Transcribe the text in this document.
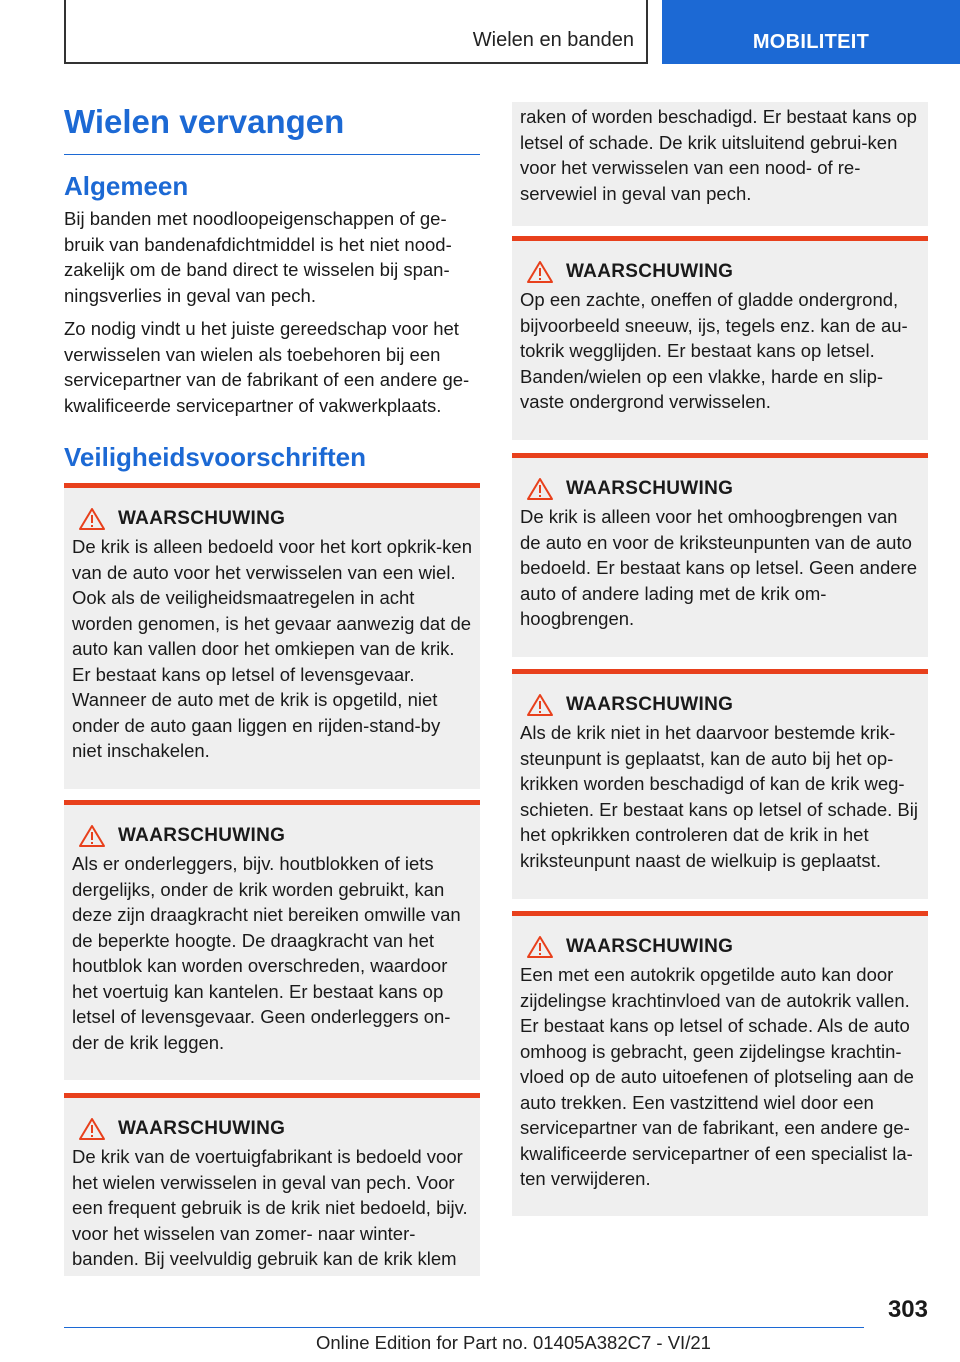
Wielen en banden	MOBILITEIT
Wielen vervangen
Algemeen

Bij banden met noodloopeigenschappen of ge-bruik van bandenafdichtmiddel is het niet nood-zakelijk om de band direct te wisselen bij span-ningsverlies in geval van pech.

Zo nodig vindt u het juiste gereedschap voor het verwisselen van wielen als toebehoren bij een servicepartner van de fabrikant of een andere ge-kwalificeerde servicepartner of vakwerkplaats.

Veiligheidsvoorschriften
WAARSCHUWING

De krik is alleen bedoeld voor het kort opkrik-ken van de auto voor het verwisselen van een wiel. Ook als de veiligheidsmaatregelen in acht worden genomen, is het gevaar aanwezig dat de auto kan vallen door het omkiepen van de krik. Er bestaat kans op letsel of levensgevaar. Wanneer de auto met de krik is opgetild, niet onder de auto gaan liggen en rijden-stand-by niet inschakelen.

WAARSCHUWING

Als er onderleggers, bijv. houtblokken of iets dergelijks, onder de krik worden gebruikt, kan deze zijn draagkracht niet bereiken omwille van de beperkte hoogte. De draagkracht van het houtblok kan worden overschreden, waardoor het voertuig kan kantelen. Er bestaat kans op letsel of levensgevaar. Geen onderleggers on-der de krik leggen.

WAARSCHUWING

De krik van de voertuigfabrikant is bedoeld voor het wielen verwisselen in geval van pech. Voor een frequent gebruik is de krik niet bedoeld, bijv. voor het wisselen van zomer- naar winter-banden. Bij veelvuldig gebruik kan de krik klem

raken of worden beschadigd. Er bestaat kans op letsel of schade. De krik uitsluitend gebrui-ken voor het verwisselen van een nood- of re-servewiel in geval van pech.

WAARSCHUWING

Op een zachte, oneffen of gladde ondergrond, bijvoorbeeld sneeuw, ijs, tegels enz. kan de au-tokrik wegglijden. Er bestaat kans op letsel. Banden/wielen op een vlakke, harde en slip-vaste ondergrond verwisselen.

WAARSCHUWING

De krik is alleen voor het omhoogbrengen van de auto en voor de kriksteunpunten van de auto bedoeld. Er bestaat kans op letsel. Geen andere auto of andere lading met de krik om-hoogbrengen.

WAARSCHUWING

Als de krik niet in het daarvoor bestemde krik-steunpunt is geplaatst, kan de auto bij het op-krikken worden beschadigd of kan de krik weg-schieten. Er bestaat kans op letsel of schade. Bij het opkrikken controleren dat de krik in het kriksteunpunt naast de wielkuip is geplaatst.

WAARSCHUWING

Een met een autokrik opgetilde auto kan door zijdelingse krachtinvloed van de autokrik vallen. Er bestaat kans op letsel of schade. Als de auto omhoog is gebracht, geen zijdelingse krachtin-vloed op de auto uitoefenen of plotseling aan de auto trekken. Een vastzittend wiel door een servicepartner van de fabrikant, een andere ge-kwalificeerde servicepartner of een specialist la-ten verwijderen.

303
Online Edition for Part no. 01405A382C7 - VI/21
